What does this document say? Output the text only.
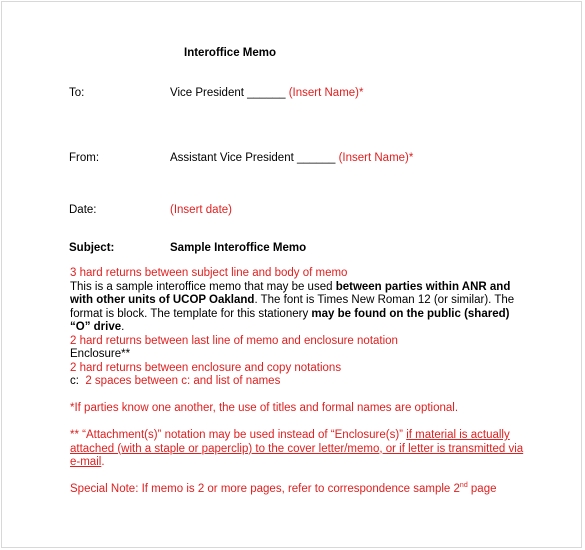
Interoffice Memo
To:	Vice President ______ (Insert Name)*
From:	Assistant Vice President ______ (Insert Name)*
Date:	(Insert date)
Subject:	Sample Interoffice Memo

3 hard returns between subject line and body of memo

This is a sample interoffice memo that may be used between parties within ANR and with other units of UCOP Oakland. The font is Times New Roman 12 (or similar). The format is block. The template for this stationery may be found on the public (shared) “O” drive.

2 hard returns between last line of memo and enclosure notation

Enclosure**

2 hard returns between enclosure and copy notations

c:  2 spaces between c: and list of names

*If parties know one another, the use of titles and formal names are optional.

** “Attachment(s)” notation may be used instead of “Enclosure(s)” if material is actually attached (with a staple or paperclip) to the cover letter/memo, or if letter is transmitted via e-mail.

Special Note: If memo is 2 or more pages, refer to correspondence sample 2nd page
